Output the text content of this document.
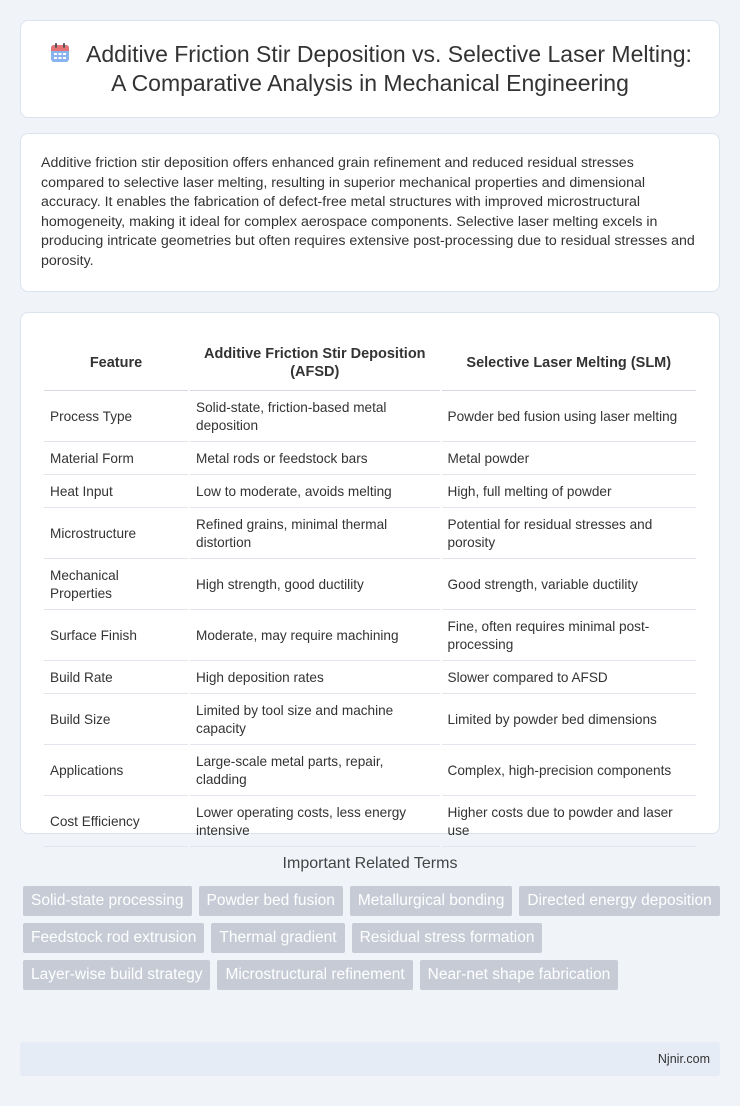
Additive Friction Stir Deposition vs. Selective Laser Melting: A Comparative Analysis in Mechanical Engineering

Additive friction stir deposition offers enhanced grain refinement and reduced residual stresses compared to selective laser melting, resulting in superior mechanical properties and dimensional accuracy. It enables the fabrication of defect-free metal structures with improved microstructural homogeneity, making it ideal for complex aerospace components. Selective laser melting excels in producing intricate geometries but often requires extensive post-processing due to residual stresses and porosity.

Feature	Additive Friction Stir Deposition (AFSD)	Selective Laser Melting (SLM)
Process Type	Solid-state, friction-based metal deposition	Powder bed fusion using laser melting
Material Form	Metal rods or feedstock bars	Metal powder
Heat Input	Low to moderate, avoids melting	High, full melting of powder
Microstructure	Refined grains, minimal thermal distortion	Potential for residual stresses and porosity
Mechanical Properties	High strength, good ductility	Good strength, variable ductility
Surface Finish	Moderate, may require machining	Fine, often requires minimal post-processing
Build Rate	High deposition rates	Slower compared to AFSD
Build Size	Limited by tool size and machine capacity	Limited by powder bed dimensions
Applications	Large-scale metal parts, repair, cladding	Complex, high-precision components
Cost Efficiency	Lower operating costs, less energy intensive	Higher costs due to powder and laser use
Important Related Terms
Solid-state processing	Powder bed fusion	Metallurgical bonding	Directed energy deposition
Feedstock rod extrusion	Thermal gradient	Residual stress formation
Layer-wise build strategy	Microstructural refinement	Near-net shape fabrication
Njnir.com
